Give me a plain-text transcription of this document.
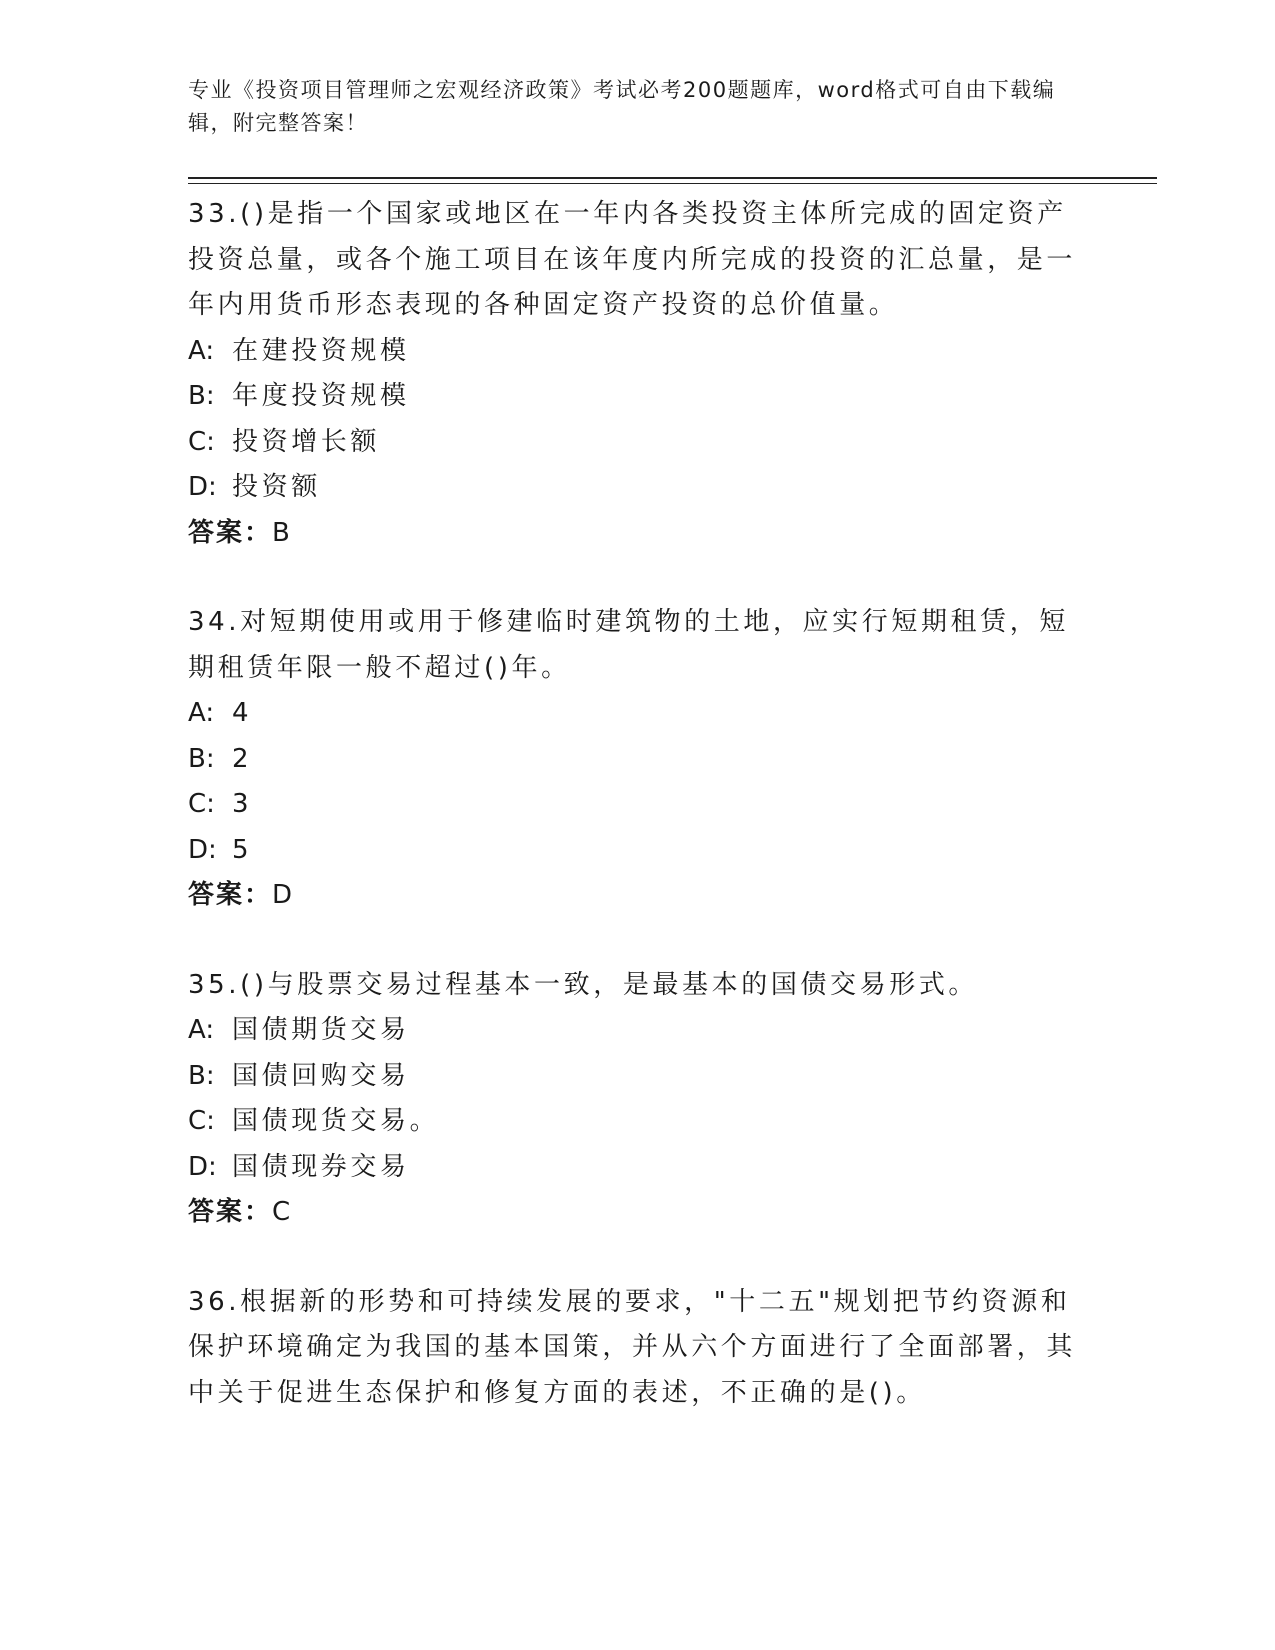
专业《投资项目管理师之宏观经济政策》考试必考200题题库，word格式可自由下载编辑，附完整答案！

33.()是指一个国家或地区在一年内各类投资主体所完成的固定资产投资总量，或各个施工项目在该年度内所完成的投资的汇总量，是一年内用货币形态表现的各种固定资产投资的总价值量。

A: 在建投资规模

B: 年度投资规模

C: 投资增长额

D: 投资额

答案：B

34.对短期使用或用于修建临时建筑物的土地，应实行短期租赁，短期租赁年限一般不超过()年。

A: 4

B: 2

C: 3

D: 5

答案：D

35.()与股票交易过程基本一致，是最基本的国债交易形式。

A: 国债期货交易

B: 国债回购交易

C: 国债现货交易。

D: 国债现券交易

答案：C

36.根据新的形势和可持续发展的要求，"十二五"规划把节约资源和保护环境确定为我国的基本国策，并从六个方面进行了全面部署，其中关于促进生态保护和修复方面的表述，不正确的是()。
